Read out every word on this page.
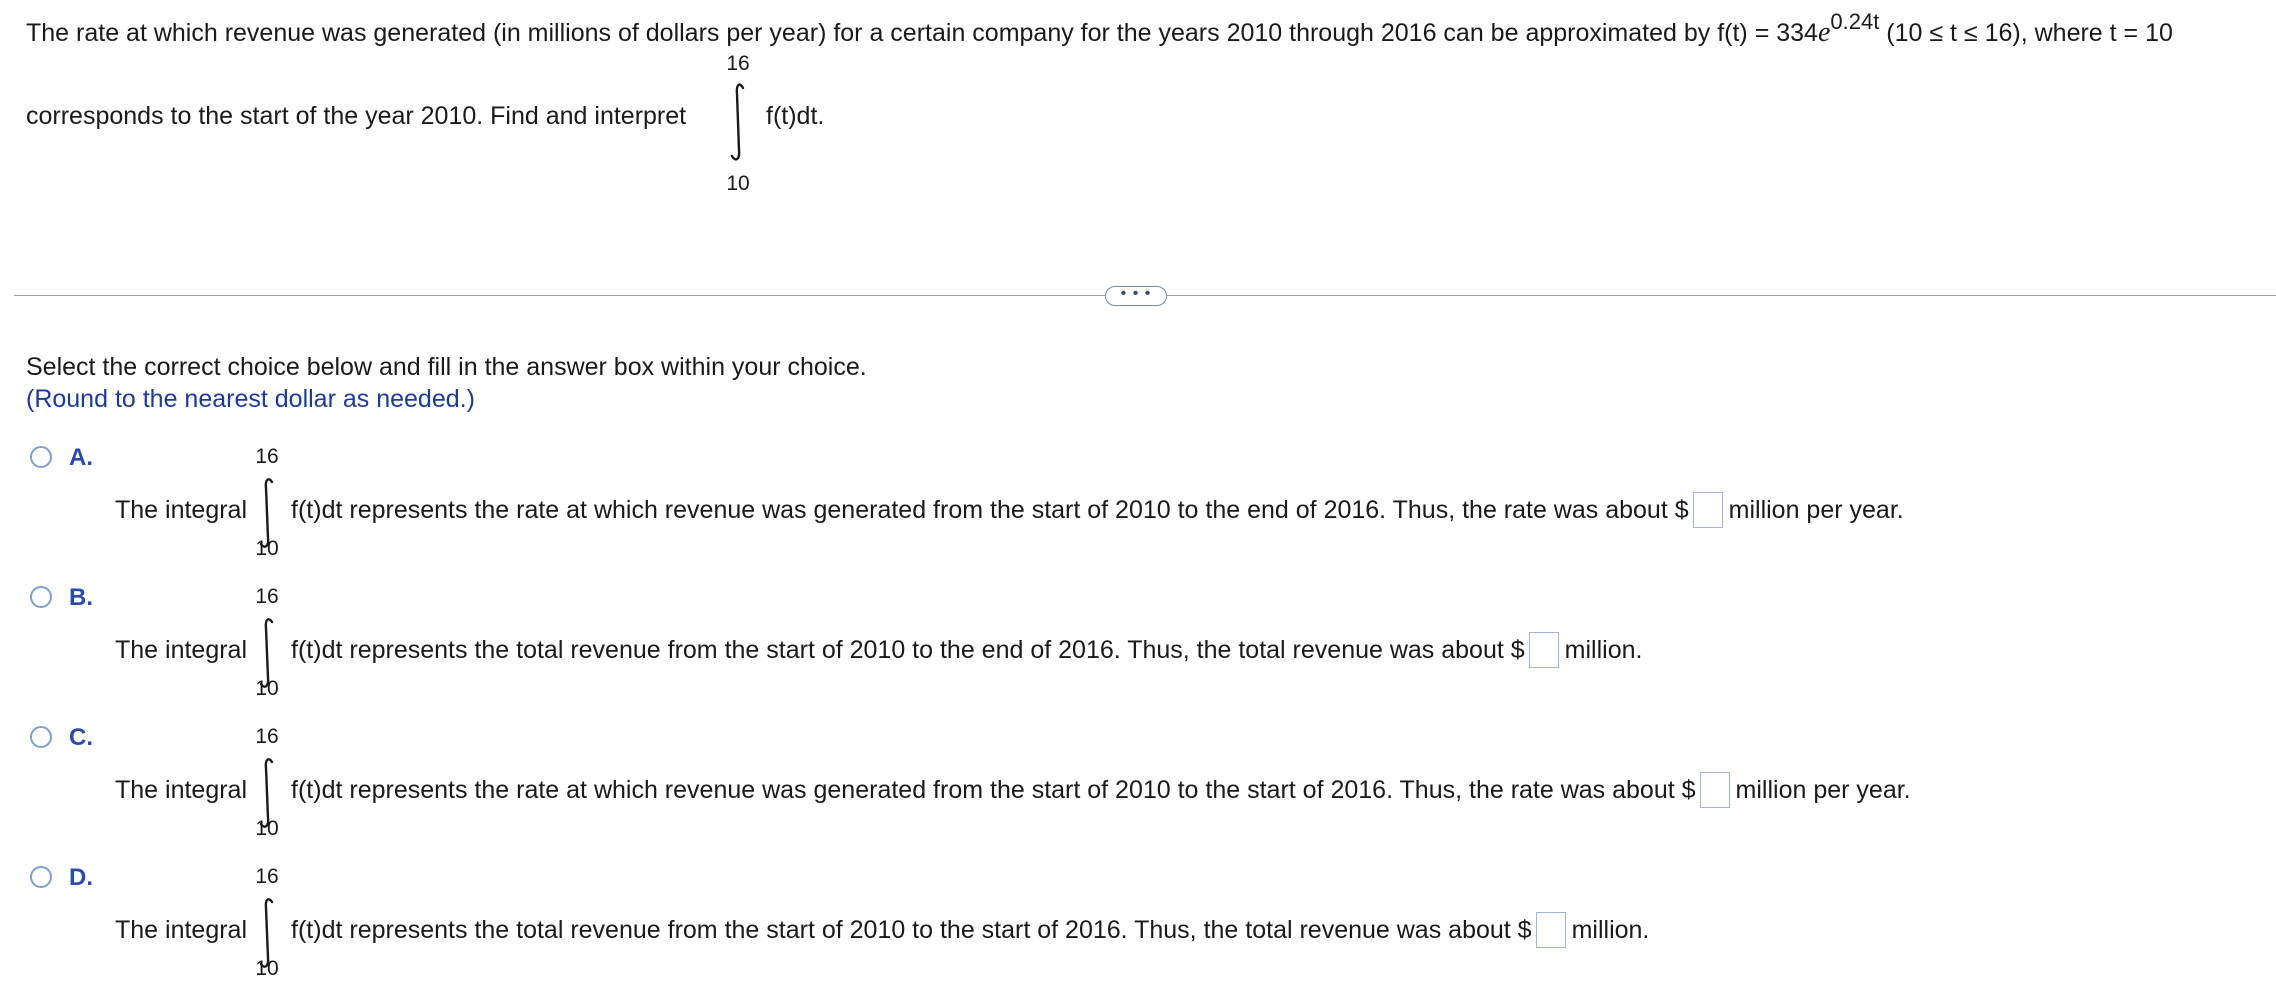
The rate at which revenue was generated (in millions of dollars per year) for a certain company for the years 2010 through 2016 can be approximated by f(t) = 334e0.24t (10 ≤ t ≤ 16), where t = 10
corresponds to the start of the year 2010. Find and interpret
16
10
f(t)dt.
• • •
Select the correct choice below and fill in the answer box within your choice.
(Round to the nearest dollar as needed.)
A.
The integral
16
10
f(t)dt represents the rate at which revenue was generated from the start of 2010 to the end of 2016. Thus, the rate was about $ million per year.
B.
The integral
16
10
f(t)dt represents the total revenue from the start of 2010 to the end of 2016. Thus, the total revenue was about $ million.
C.
The integral
16
10
f(t)dt represents the rate at which revenue was generated from the start of 2010 to the start of 2016. Thus, the rate was about $ million per year.
D.
The integral
16
10
f(t)dt represents the total revenue from the start of 2010 to the start of 2016. Thus, the total revenue was about $ million.
